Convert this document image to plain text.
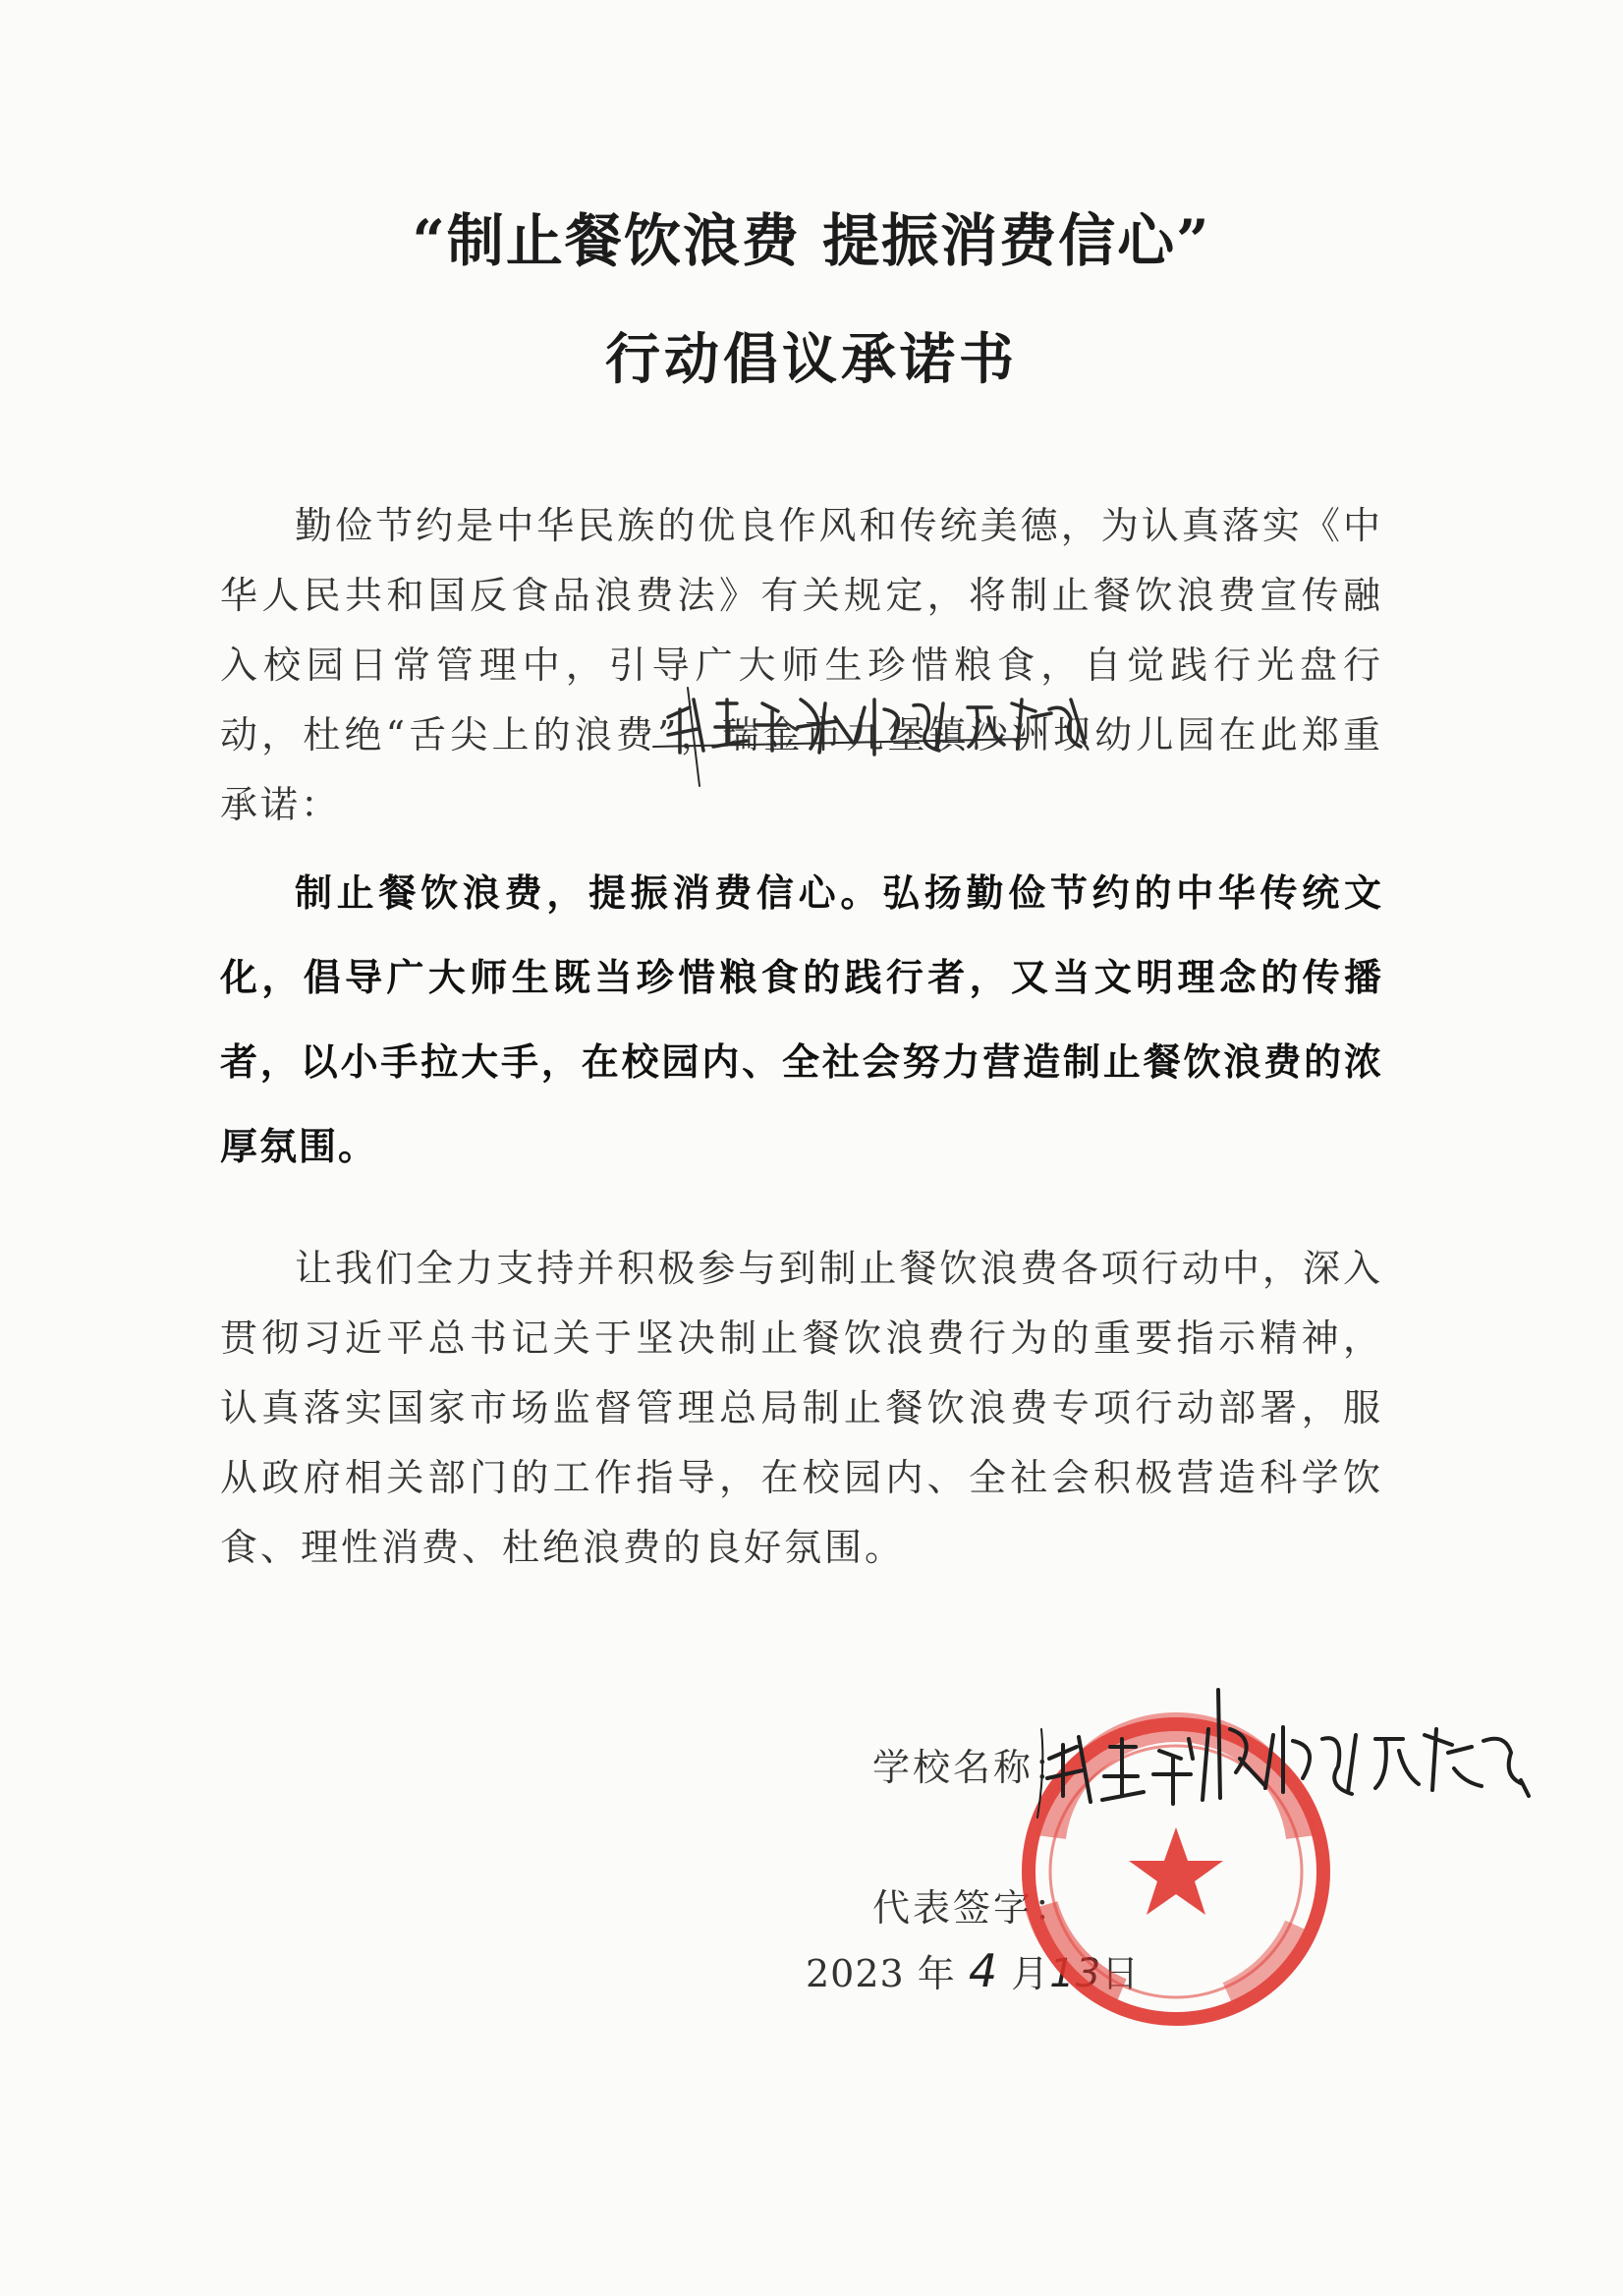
“制止餐饮浪费 提振消费信心”
行动倡议承诺书
勤俭节约是中华民族的优良作风和传统美德，为认真落实《中华人民共和国反食品浪费法》有关规定，将制止餐饮浪费宣传融入校园日常管理中，引导广大师生珍惜粮食，自觉践行光盘行动，杜绝“舌尖上的浪费”，瑞金市九堡镇沙洲坝幼儿园在此郑重承诺：
制止餐饮浪费，提振消费信心。弘扬勤俭节约的中华传统文化，倡导广大师生既当珍惜粮食的践行者，又当文明理念的传播者，以小手拉大手，在校园内、全社会努力营造制止餐饮浪费的浓厚氛围。
让我们全力支持并积极参与到制止餐饮浪费各项行动中，深入贯彻习近平总书记关于坚决制止餐饮浪费行为的重要指示精神，认真落实国家市场监督管理总局制止餐饮浪费专项行动部署，服从政府相关部门的工作指导，在校园内、全社会积极营造科学饮食、理性消费、杜绝浪费的良好氛围。
学校名称：
代表签字：
2023 年 4 月13日
